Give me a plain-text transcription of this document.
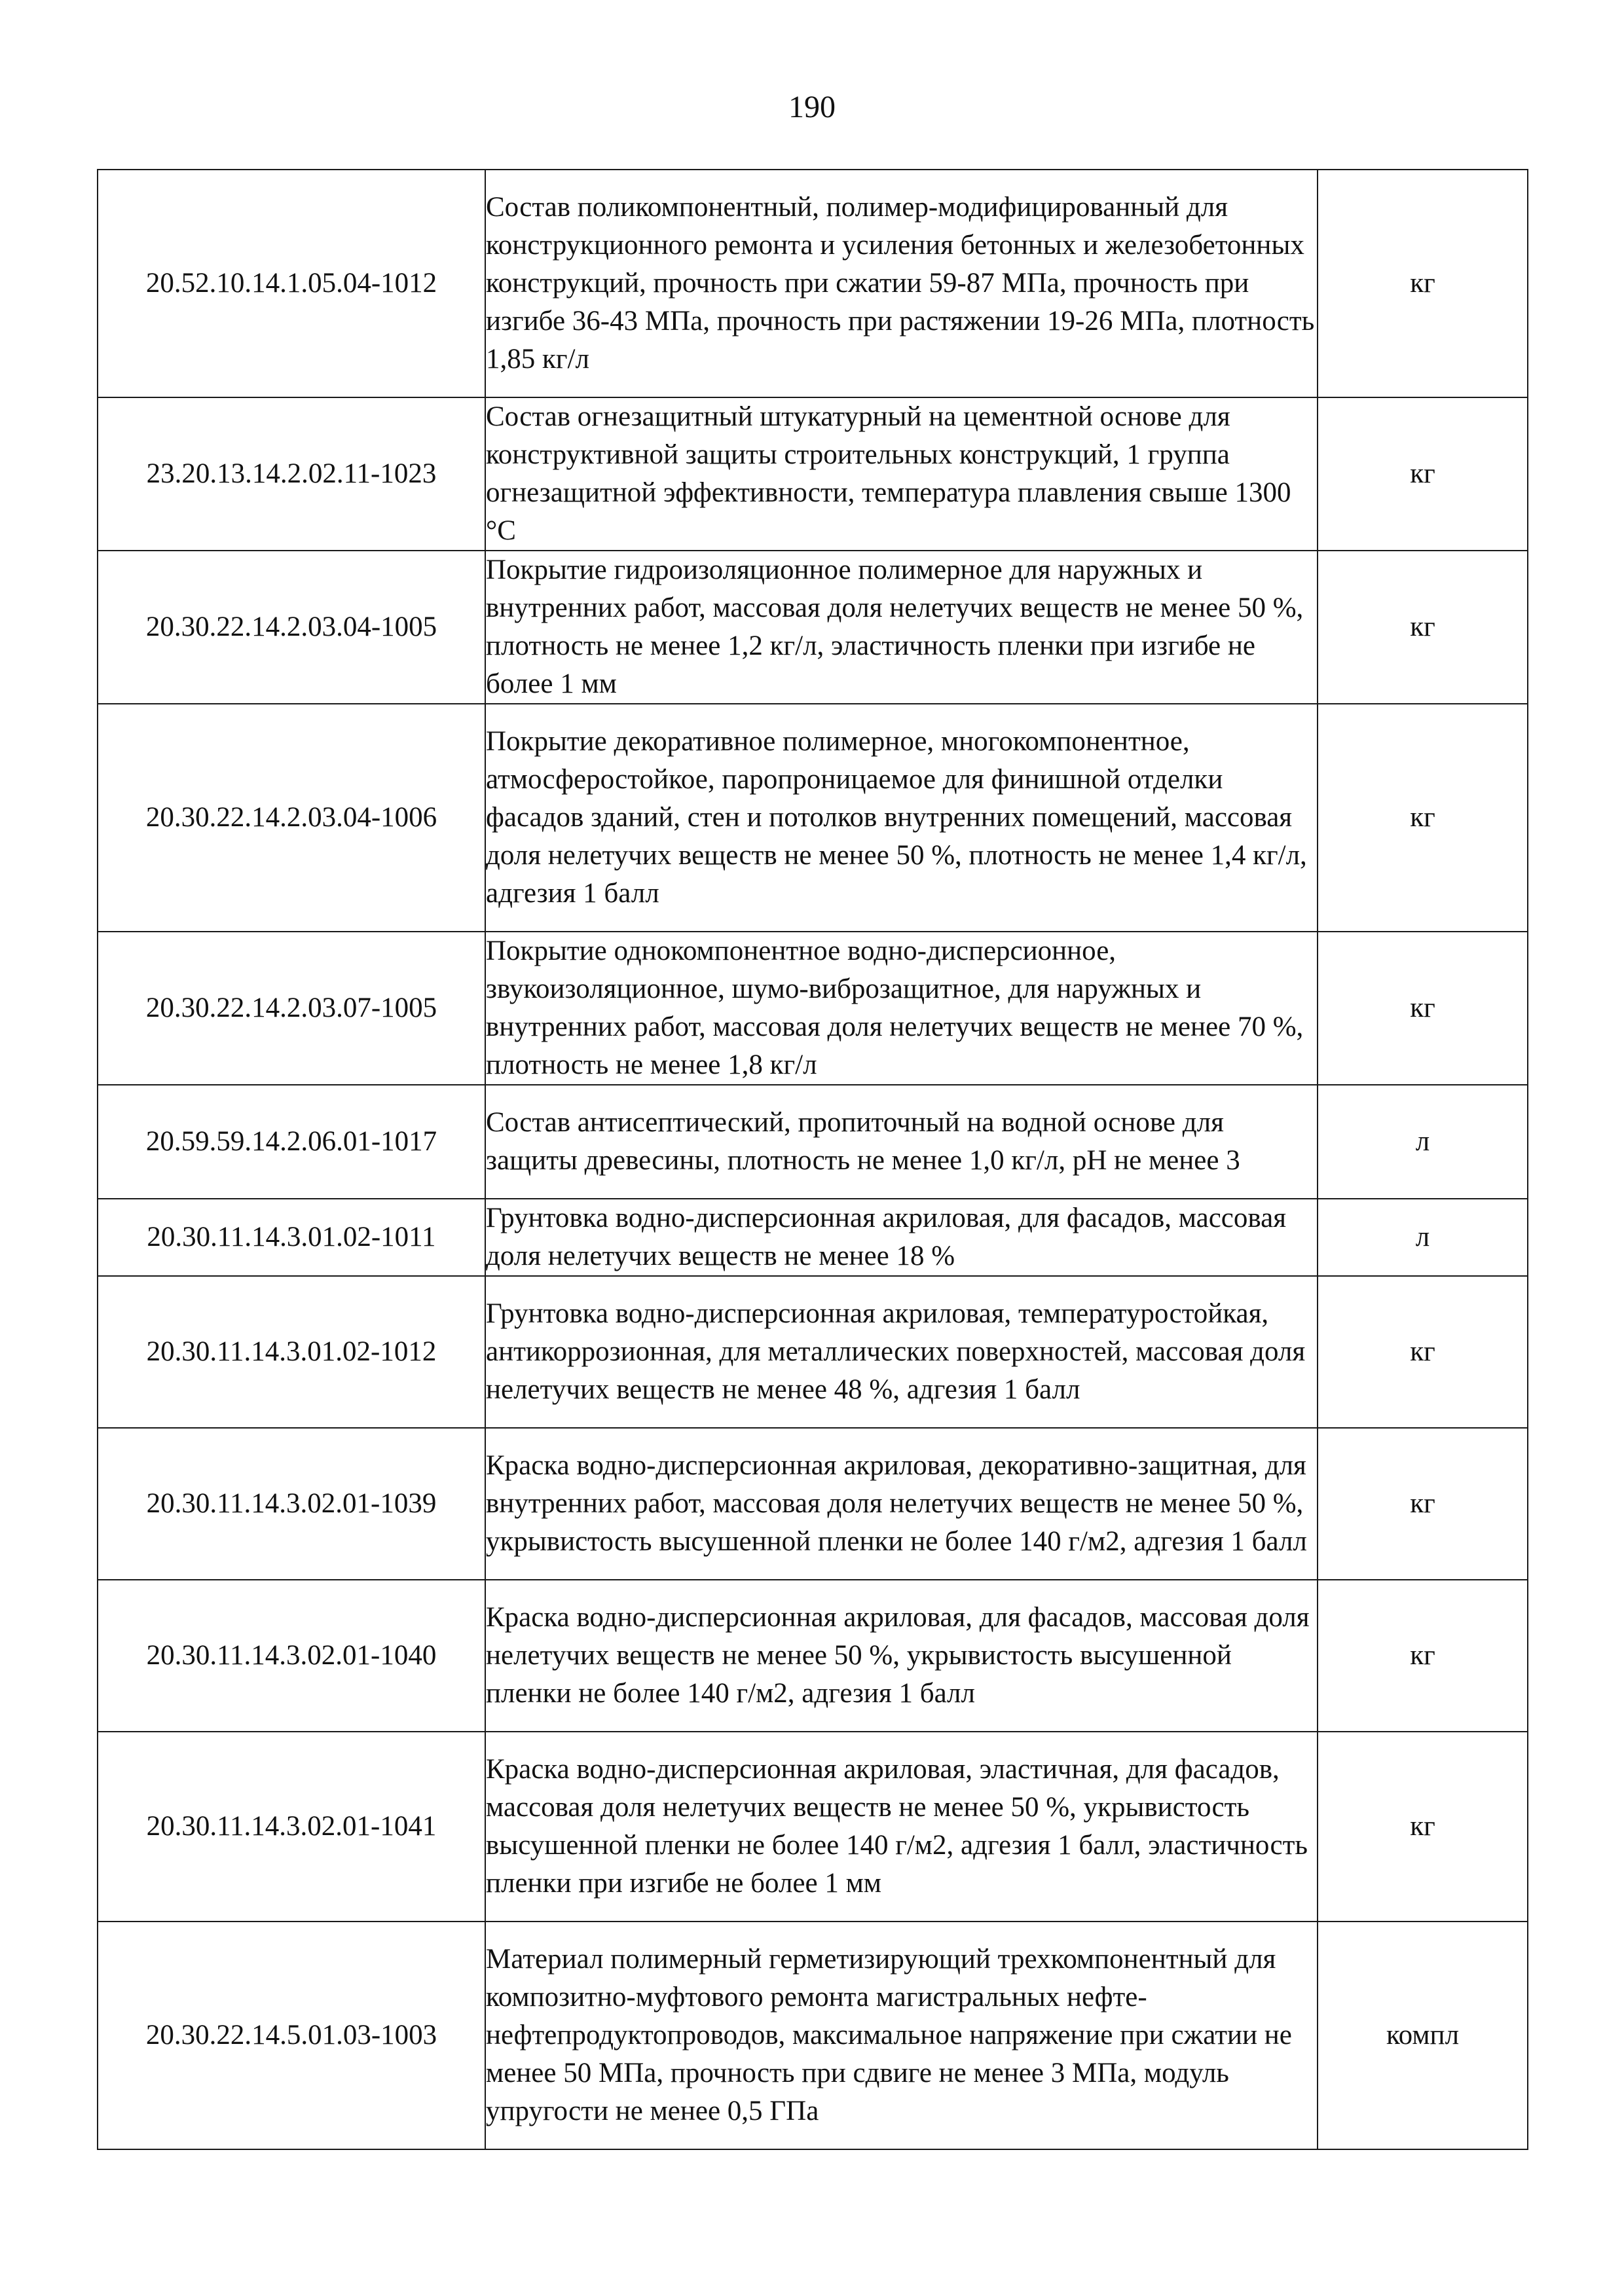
190
20.52.10.14.1.05.04-1012	Состав поликомпонентный, полимер-модифицированный для конструкционного ремонта и усиления бетонных и железобетонных конструкций, прочность при сжатии 59-87 МПа, прочность при изгибе 36-43 МПа, прочность при растяжении 19-26 МПа, плотность 1,85 кг/л	кг
23.20.13.14.2.02.11-1023	Состав огнезащитный штукатурный на цементной основе для конструктивной защиты строительных конструкций, 1 группа огнезащитной эффективности, температура плавления свыше 1300 °С	кг
20.30.22.14.2.03.04-1005	Покрытие гидроизоляционное полимерное для наружных и внутренних работ, массовая доля нелетучих веществ не менее 50 %, плотность не менее 1,2 кг/л, эластичность пленки при изгибе не более 1 мм	кг
20.30.22.14.2.03.04-1006	Покрытие декоративное полимерное, многокомпонентное, атмосферостойкое, паропроницаемое для финишной отделки фасадов зданий, стен и потолков внутренних помещений, массовая доля нелетучих веществ не менее 50 %, плотность не менее 1,4 кг/л, адгезия 1 балл	кг
20.30.22.14.2.03.07-1005	Покрытие однокомпонентное водно-дисперсионное, звукоизоляционное, шумо-виброзащитное, для наружных и внутренних работ, массовая доля нелетучих веществ не менее 70 %, плотность не менее 1,8 кг/л	кг
20.59.59.14.2.06.01-1017	Состав антисептический, пропиточный на водной основе для защиты древесины, плотность не менее 1,0 кг/л, pH не менее 3	л
20.30.11.14.3.01.02-1011	Грунтовка водно-дисперсионная акриловая, для фасадов, массовая доля нелетучих веществ не менее 18 %	л
20.30.11.14.3.01.02-1012	Грунтовка водно-дисперсионная акриловая, температуростойкая, антикоррозионная, для металлических поверхностей, массовая доля нелетучих веществ не менее 48 %, адгезия 1 балл	кг
20.30.11.14.3.02.01-1039	Краска водно-дисперсионная акриловая, декоративно-защитная, для внутренних работ, массовая доля нелетучих веществ не менее 50 %, укрывистость высушенной пленки не более 140 г/м2, адгезия 1 балл	кг
20.30.11.14.3.02.01-1040	Краска водно-дисперсионная акриловая, для фасадов, массовая доля нелетучих веществ не менее 50 %, укрывистость высушенной пленки не более 140 г/м2, адгезия 1 балл	кг
20.30.11.14.3.02.01-1041	Краска водно-дисперсионная акриловая, эластичная, для фасадов, массовая доля нелетучих веществ не менее 50 %, укрывистость высушенной пленки не более 140 г/м2, адгезия 1 балл, эластичность пленки при изгибе не более 1 мм	кг
20.30.22.14.5.01.03-1003	Материал полимерный герметизирующий трехкомпонентный для композитно-муфтового ремонта магистральных нефте-нефтепродуктопроводов, максимальное напряжение при сжатии не менее 50 МПа, прочность при сдвиге не менее 3 МПа, модуль упругости не менее 0,5 ГПа	компл
